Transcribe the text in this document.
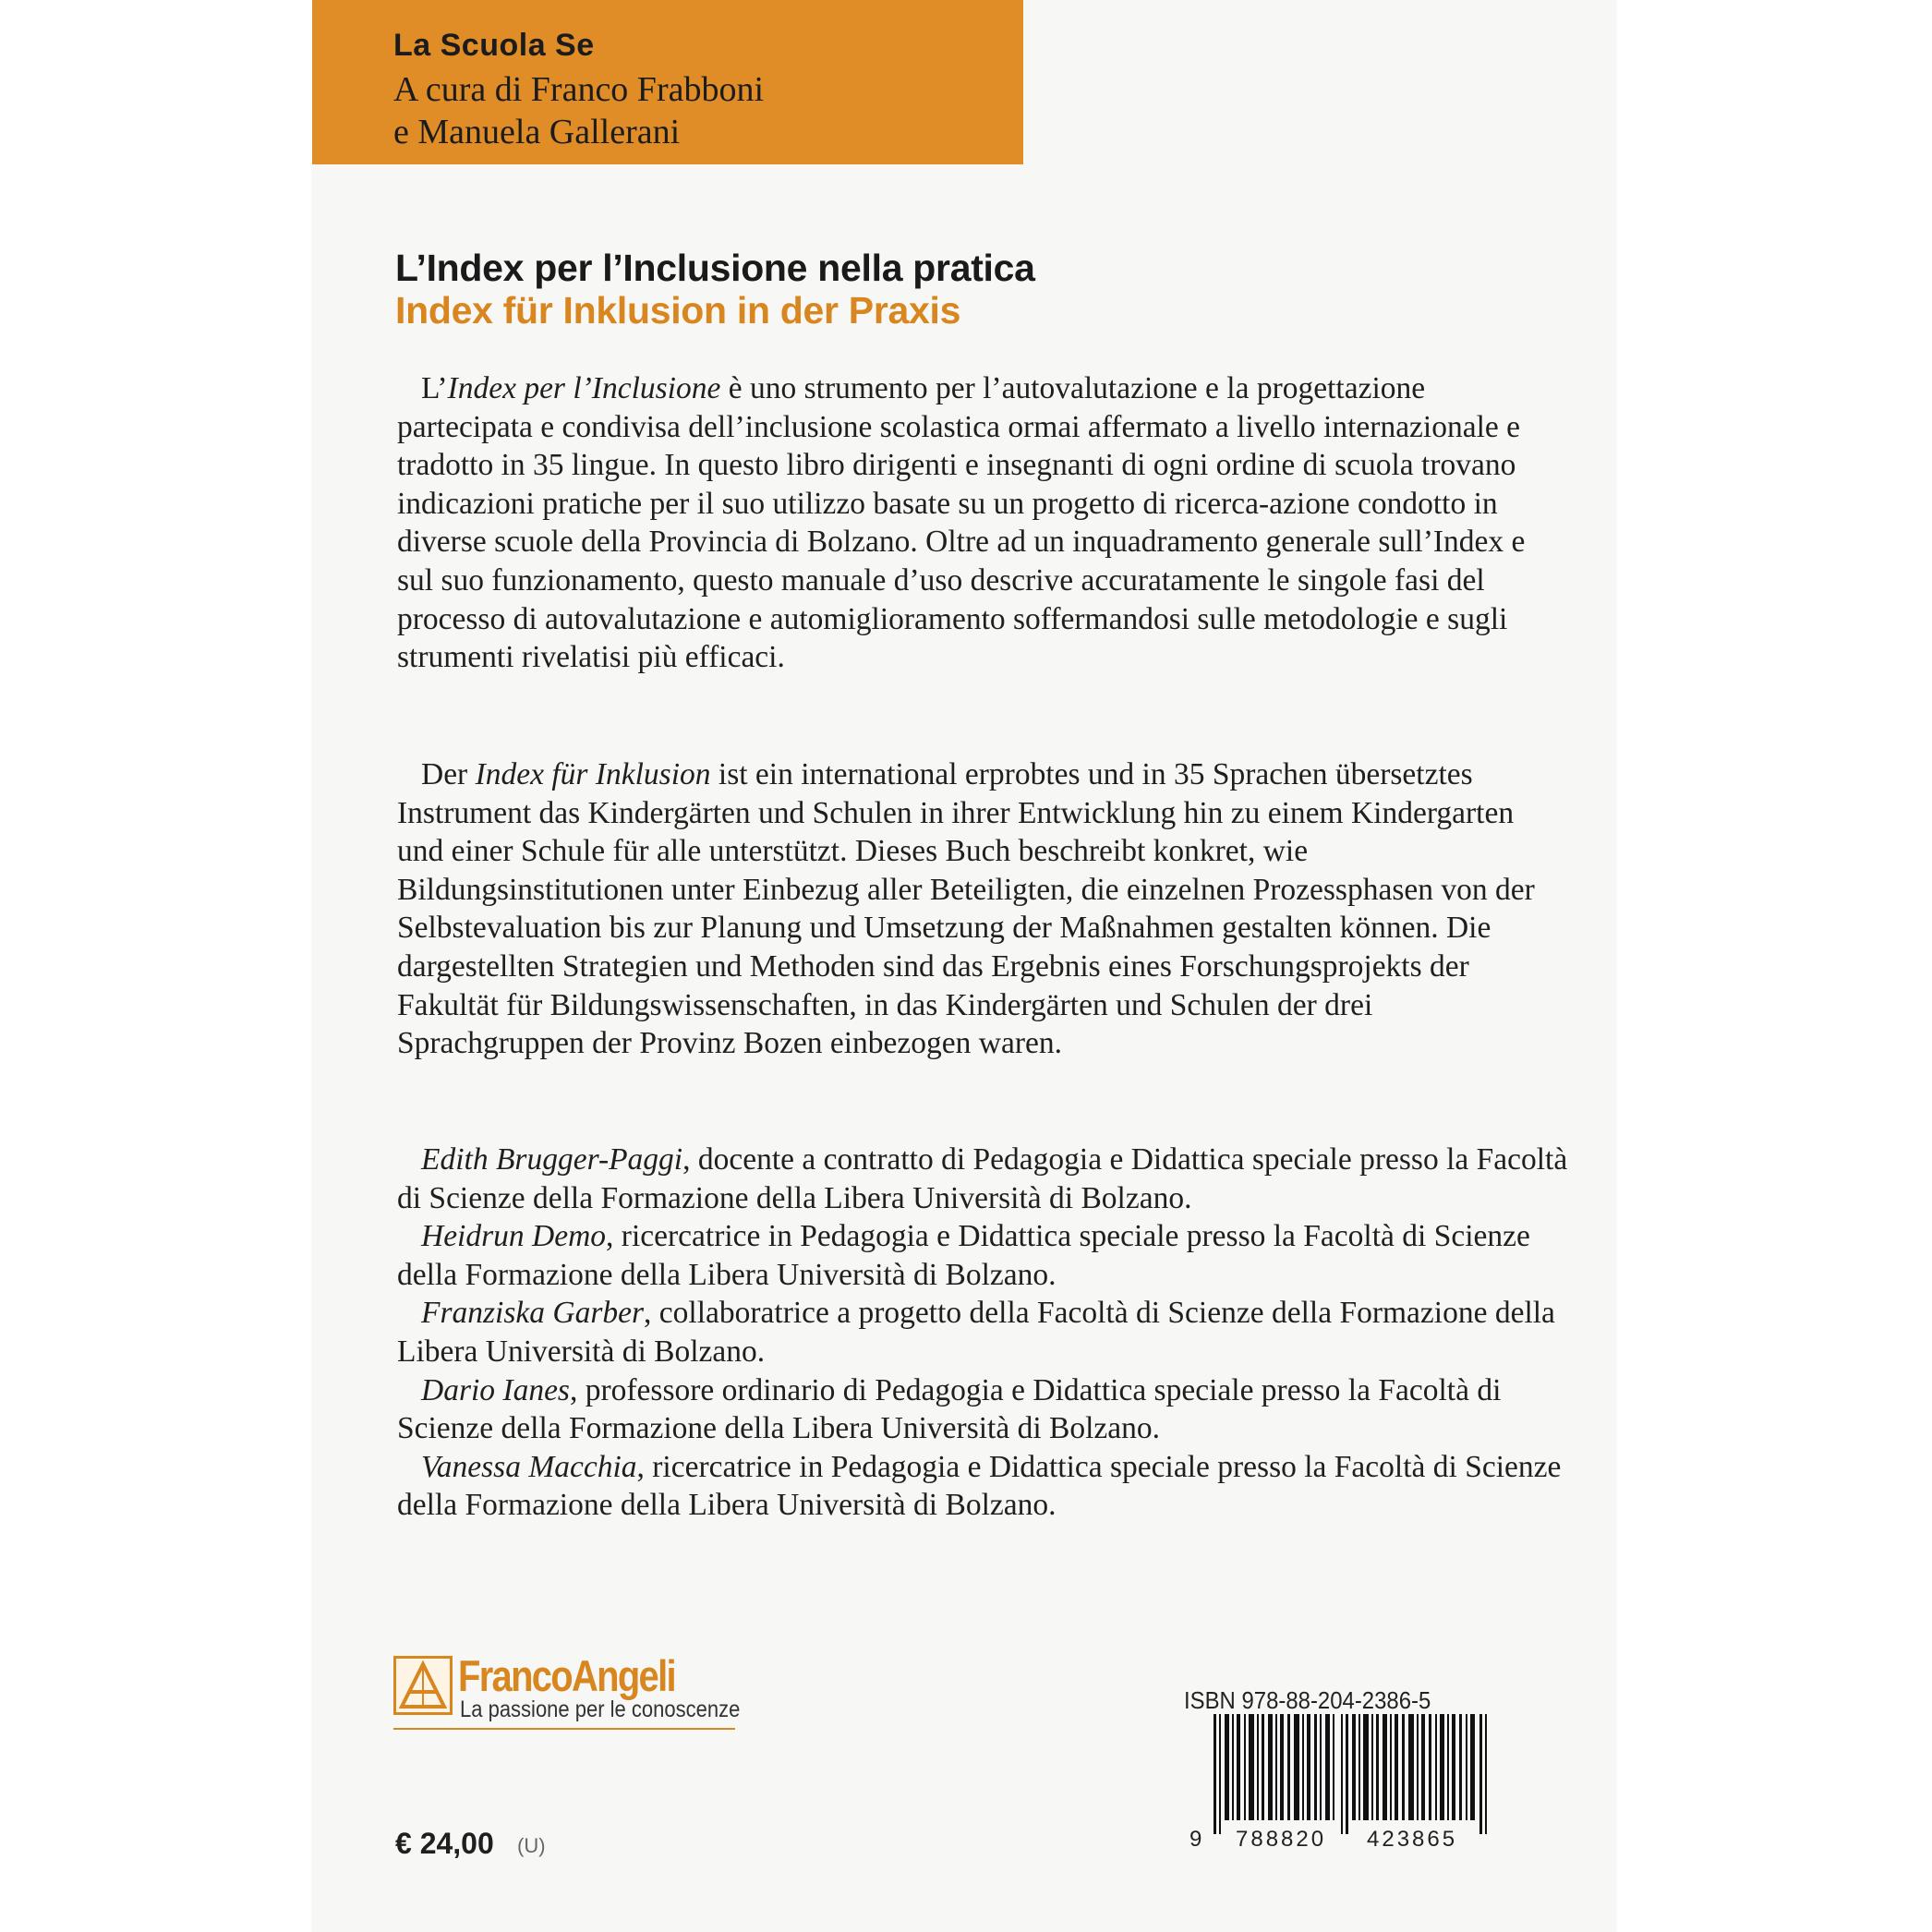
La Scuola Se
A cura di Franco Frabboni
e Manuela Gallerani
L’Index per l’Inclusione nella pratica
Index für Inklusion in der Praxis

L’Index per l’Inclusione è uno strumento per l’autovalutazione e la progettazione partecipata e condivisa dell’inclusione scolastica ormai affermato a livello internazionale e tradotto in 35 lingue. In questo libro dirigenti e insegnanti di ogni ordine di scuola trovano indicazioni pratiche per il suo utilizzo basate su un progetto di ricerca-azione condotto in diverse scuole della Provincia di Bolzano. Oltre ad un inquadramento generale sull’Index e sul suo funzionamento, questo manuale d’uso descrive accuratamente le singole fasi del processo di autovalutazione e automiglioramento soffermandosi sulle metodologie e sugli strumenti rivelatisi più efficaci.

Der Index für Inklusion ist ein international erprobtes und in 35 Sprachen übersetztes Instrument das Kindergärten und Schulen in ihrer Entwicklung hin zu einem Kindergarten und einer Schule für alle unterstützt. Dieses Buch beschreibt konkret, wie Bildungsinstitutionen unter Einbezug aller Beteiligten, die einzelnen Prozessphasen von der Selbstevaluation bis zur Planung und Umsetzung der Maßnahmen gestalten können. Die dargestellten Strategien und Methoden sind das Ergebnis eines Forschungsprojekts der Fakultät für Bildungswissenschaften, in das Kindergärten und Schulen der drei Sprachgruppen der Provinz Bozen einbezogen waren.

Edith Brugger-Paggi, docente a contratto di Pedagogia e Didattica speciale presso la Facoltà di Scienze della Formazione della Libera Università di Bolzano.

Heidrun Demo, ricercatrice in Pedagogia e Didattica speciale presso la Facoltà di Scienze della Formazione della Libera Università di Bolzano.

Franziska Garber, collaboratrice a progetto della Facoltà di Scienze della Formazione della Libera Università di Bolzano.

Dario Ianes, professore ordinario di Pedagogia e Didattica speciale presso la Facoltà di Scienze della Formazione della Libera Università di Bolzano.

Vanessa Macchia, ricercatrice in Pedagogia e Didattica speciale presso la Facoltà di Scienze della Formazione della Libera Università di Bolzano.

FrancoAngeli
La passione per le conoscenze
€ 24,00 (U)
ISBN 978-88-204-2386-5
9 788820 423865
